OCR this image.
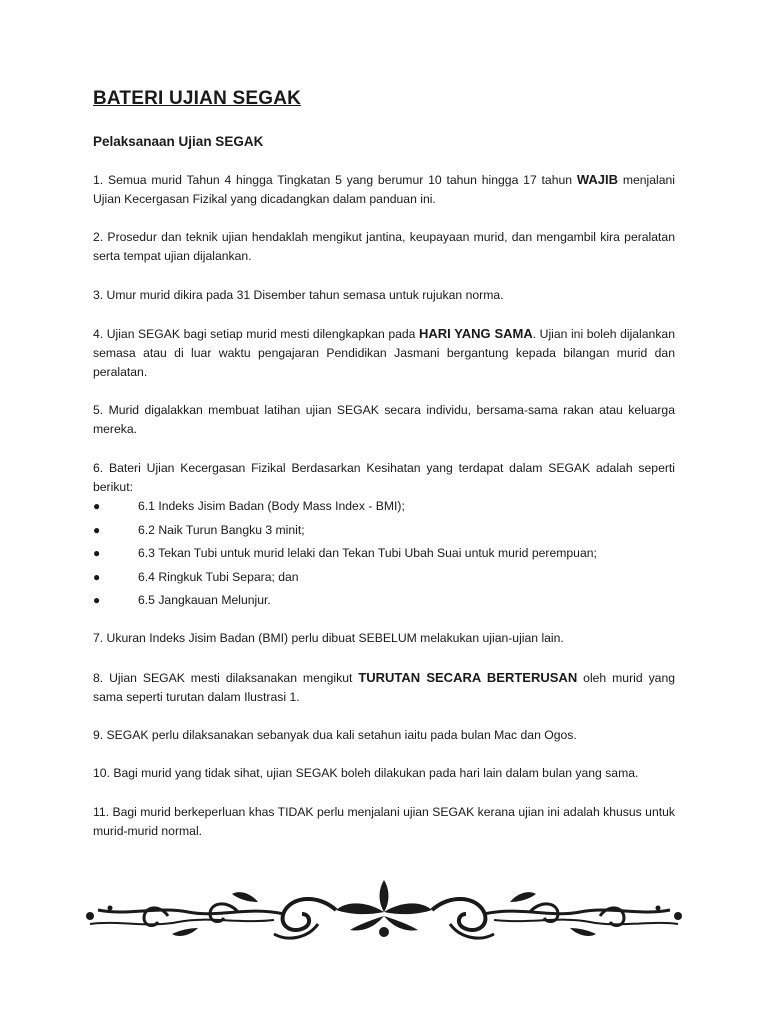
BATERI UJIAN SEGAK
Pelaksanaan Ujian SEGAK

1. Semua murid Tahun 4 hingga Tingkatan 5 yang berumur 10 tahun hingga 17 tahun WAJIB menjalani Ujian Kecergasan Fizikal yang dicadangkan dalam panduan ini.

2. Prosedur dan teknik ujian hendaklah mengikut jantina, keupayaan murid, dan mengambil kira peralatan serta tempat ujian dijalankan.

3. Umur murid dikira pada 31 Disember tahun semasa untuk rujukan norma.

4. Ujian SEGAK bagi setiap murid mesti dilengkapkan pada HARI YANG SAMA. Ujian ini boleh dijalankan semasa atau di luar waktu pengajaran Pendidikan Jasmani bergantung kepada bilangan murid dan peralatan.

5. Murid digalakkan membuat latihan ujian SEGAK secara individu, bersama-sama rakan atau keluarga mereka.

6. Bateri Ujian Kecergasan Fizikal Berdasarkan Kesihatan yang terdapat dalam SEGAK adalah seperti berikut:

●	6.1 Indeks Jisim Badan (Body Mass Index - BMI);
●	6.2 Naik Turun Bangku 3 minit;
●	6.3 Tekan Tubi untuk murid lelaki dan Tekan Tubi Ubah Suai untuk murid perempuan;
●	6.4 Ringkuk Tubi Separa; dan
●	6.5 Jangkauan Melunjur.

7. Ukuran Indeks Jisim Badan (BMI) perlu dibuat SEBELUM melakukan ujian-ujian lain.

8. Ujian SEGAK mesti dilaksanakan mengikut TURUTAN SECARA BERTERUSAN oleh murid yang sama seperti turutan dalam Ilustrasi 1.

9. SEGAK perlu dilaksanakan sebanyak dua kali setahun iaitu pada bulan Mac dan Ogos.

10. Bagi murid yang tidak sihat, ujian SEGAK boleh dilakukan pada hari lain dalam bulan yang sama.

11. Bagi murid berkeperluan khas TIDAK perlu menjalani ujian SEGAK kerana ujian ini adalah khusus untuk murid-murid normal.
